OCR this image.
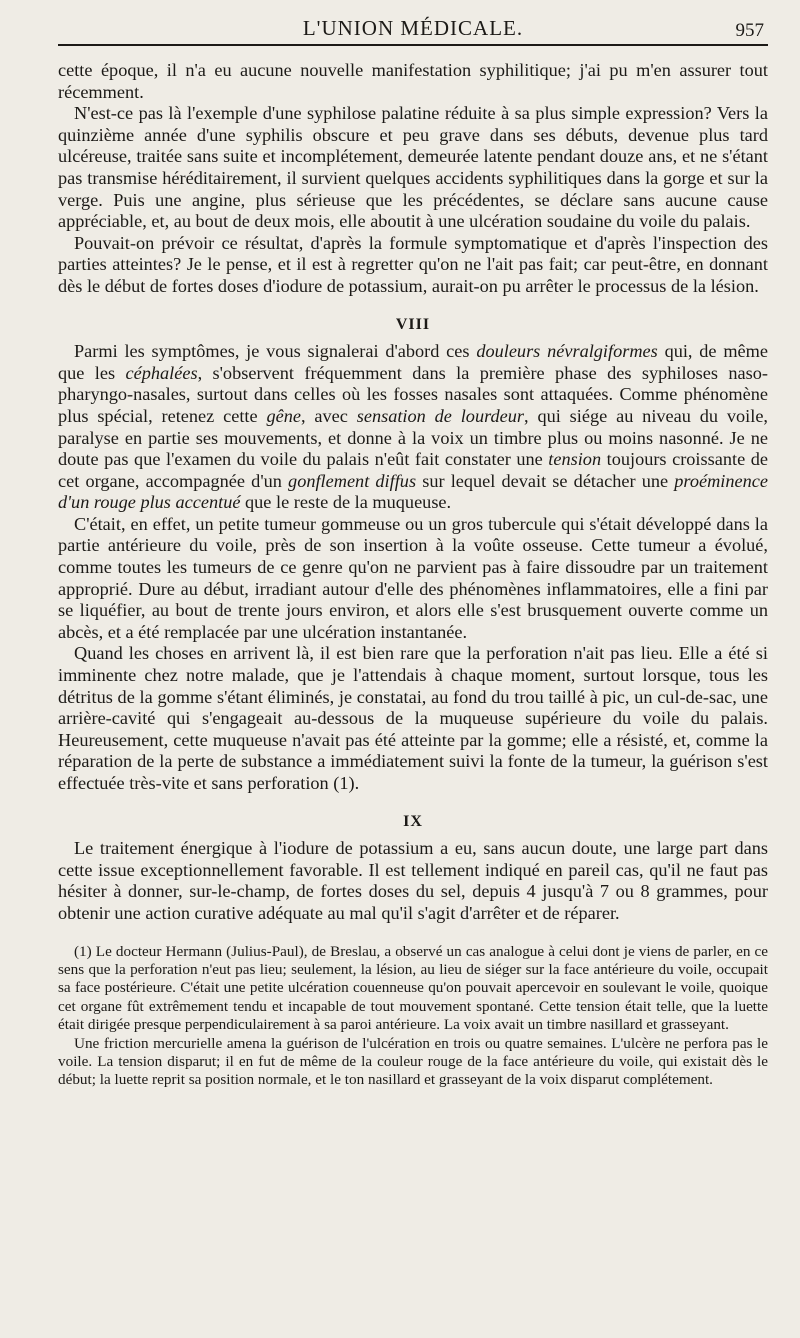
L'UNION MÉDICALE.	957

cette époque, il n'a eu aucune nouvelle manifestation syphilitique; j'ai pu m'en assurer tout récemment.

N'est-ce pas là l'exemple d'une syphilose palatine réduite à sa plus simple expression? Vers la quinzième année d'une syphilis obscure et peu grave dans ses débuts, devenue plus tard ulcéreuse, traitée sans suite et incomplétement, demeurée latente pendant douze ans, et ne s'étant pas transmise héréditairement, il survient quelques accidents syphilitiques dans la gorge et sur la verge. Puis une angine, plus sérieuse que les précédentes, se déclare sans aucune cause appréciable, et, au bout de deux mois, elle aboutit à une ulcération soudaine du voile du palais.

Pouvait-on prévoir ce résultat, d'après la formule symptomatique et d'après l'inspection des parties atteintes? Je le pense, et il est à regretter qu'on ne l'ait pas fait; car peut-être, en donnant dès le début de fortes doses d'iodure de potassium, aurait-on pu arrêter le processus de la lésion.

VIII

Parmi les symptômes, je vous signalerai d'abord ces douleurs névralgiformes qui, de même que les céphalées, s'observent fréquemment dans la première phase des syphiloses naso-pharyngo-nasales, surtout dans celles où les fosses nasales sont attaquées. Comme phénomène plus spécial, retenez cette gêne, avec sensation de lourdeur, qui siége au niveau du voile, paralyse en partie ses mouvements, et donne à la voix un timbre plus ou moins nasonné. Je ne doute pas que l'examen du voile du palais n'eût fait constater une tension toujours croissante de cet organe, accompagnée d'un gonflement diffus sur lequel devait se détacher une proéminence d'un rouge plus accentué que le reste de la muqueuse.

C'était, en effet, un petite tumeur gommeuse ou un gros tubercule qui s'était développé dans la partie antérieure du voile, près de son insertion à la voûte osseuse. Cette tumeur a évolué, comme toutes les tumeurs de ce genre qu'on ne parvient pas à faire dissoudre par un traitement approprié. Dure au début, irradiant autour d'elle des phénomènes inflammatoires, elle a fini par se liquéfier, au bout de trente jours environ, et alors elle s'est brusquement ouverte comme un abcès, et a été remplacée par une ulcération instantanée.

Quand les choses en arrivent là, il est bien rare que la perforation n'ait pas lieu. Elle a été si imminente chez notre malade, que je l'attendais à chaque moment, surtout lorsque, tous les détritus de la gomme s'étant éliminés, je constatai, au fond du trou taillé à pic, un cul-de-sac, une arrière-cavité qui s'engageait au-dessous de la muqueuse supérieure du voile du palais. Heureusement, cette muqueuse n'avait pas été atteinte par la gomme; elle a résisté, et, comme la réparation de la perte de substance a immédiatement suivi la fonte de la tumeur, la guérison s'est effectuée très-vite et sans perforation (1).

IX

Le traitement énergique à l'iodure de potassium a eu, sans aucun doute, une large part dans cette issue exceptionnellement favorable. Il est tellement indiqué en pareil cas, qu'il ne faut pas hésiter à donner, sur-le-champ, de fortes doses du sel, depuis 4 jusqu'à 7 ou 8 grammes, pour obtenir une action curative adéquate au mal qu'il s'agit d'arrêter et de réparer.

(1) Le docteur Hermann (Julius-Paul), de Breslau, a observé un cas analogue à celui dont je viens de parler, en ce sens que la perforation n'eut pas lieu; seulement, la lésion, au lieu de siéger sur la face antérieure du voile, occupait sa face postérieure. C'était une petite ulcération couenneuse qu'on pouvait apercevoir en soulevant le voile, quoique cet organe fût extrêmement tendu et incapable de tout mouvement spontané. Cette tension était telle, que la luette était dirigée presque perpendiculairement à sa paroi antérieure. La voix avait un timbre nasillard et grasseyant.

Une friction mercurielle amena la guérison de l'ulcération en trois ou quatre semaines. L'ulcère ne perfora pas le voile. La tension disparut; il en fut de même de la couleur rouge de la face antérieure du voile, qui existait dès le début; la luette reprit sa position normale, et le ton nasillard et grasseyant de la voix disparut complétement.
